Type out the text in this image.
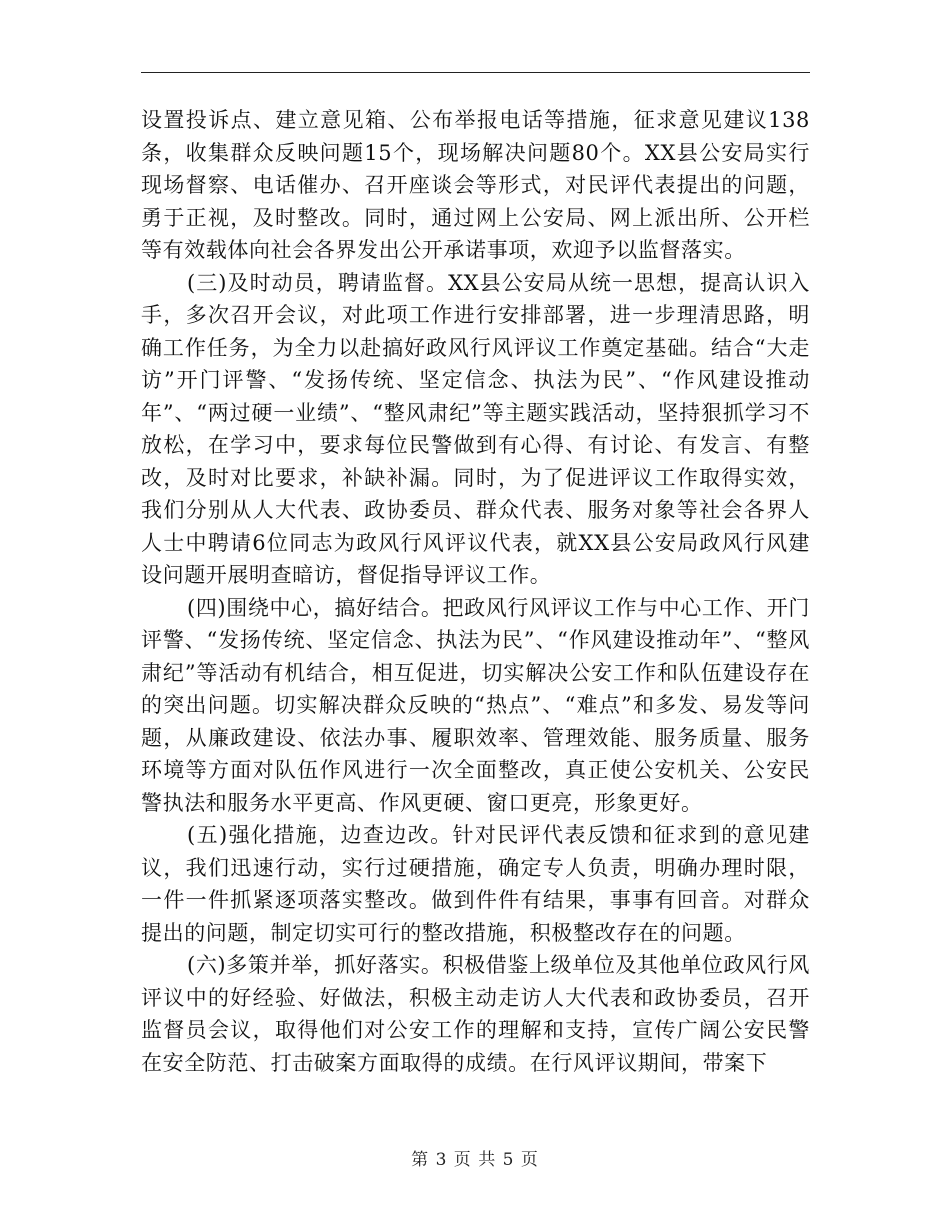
设置投诉点、建立意见箱、公布举报电话等措施，征求意见建议138条，收集群众反映问题15个，现场解决问题80个。XX县公安局实行现场督察、电话催办、召开座谈会等形式，对民评代表提出的问题，勇于正视，及时整改。同时，通过网上公安局、网上派出所、公开栏等有效载体向社会各界发出公开承诺事项，欢迎予以监督落实。

(三)及时动员，聘请监督。XX县公安局从统一思想，提高认识入手，多次召开会议，对此项工作进行安排部署，进一步理清思路，明确工作任务，为全力以赴搞好政风行风评议工作奠定基础。结合“大走访”开门评警、“发扬传统、坚定信念、执法为民”、“作风建设推动年”、“两过硬一业绩”、“整风肃纪”等主题实践活动，坚持狠抓学习不放松，在学习中，要求每位民警做到有心得、有讨论、有发言、有整改，及时对比要求，补缺补漏。同时，为了促进评议工作取得实效，我们分别从人大代表、政协委员、群众代表、服务对象等社会各界人人士中聘请6位同志为政风行风评议代表，就XX县公安局政风行风建设问题开展明查暗访，督促指导评议工作。

(四)围绕中心，搞好结合。把政风行风评议工作与中心工作、开门评警、“发扬传统、坚定信念、执法为民”、“作风建设推动年”、“整风肃纪”等活动有机结合，相互促进，切实解决公安工作和队伍建设存在的突出问题。切实解决群众反映的“热点”、“难点”和多发、易发等问题，从廉政建设、依法办事、履职效率、管理效能、服务质量、服务环境等方面对队伍作风进行一次全面整改，真正使公安机关、公安民警执法和服务水平更高、作风更硬、窗口更亮，形象更好。

(五)强化措施，边查边改。针对民评代表反馈和征求到的意见建议，我们迅速行动，实行过硬措施，确定专人负责，明确办理时限，一件一件抓紧逐项落实整改。做到件件有结果，事事有回音。对群众提出的问题，制定切实可行的整改措施，积极整改存在的问题。

(六)多策并举，抓好落实。积极借鉴上级单位及其他单位政风行风评议中的好经验、好做法，积极主动走访人大代表和政协委员，召开监督员会议，取得他们对公安工作的理解和支持，宣传广阔公安民警在安全防范、打击破案方面取得的成绩。在行风评议期间，带案下

第 3 页 共 5 页
